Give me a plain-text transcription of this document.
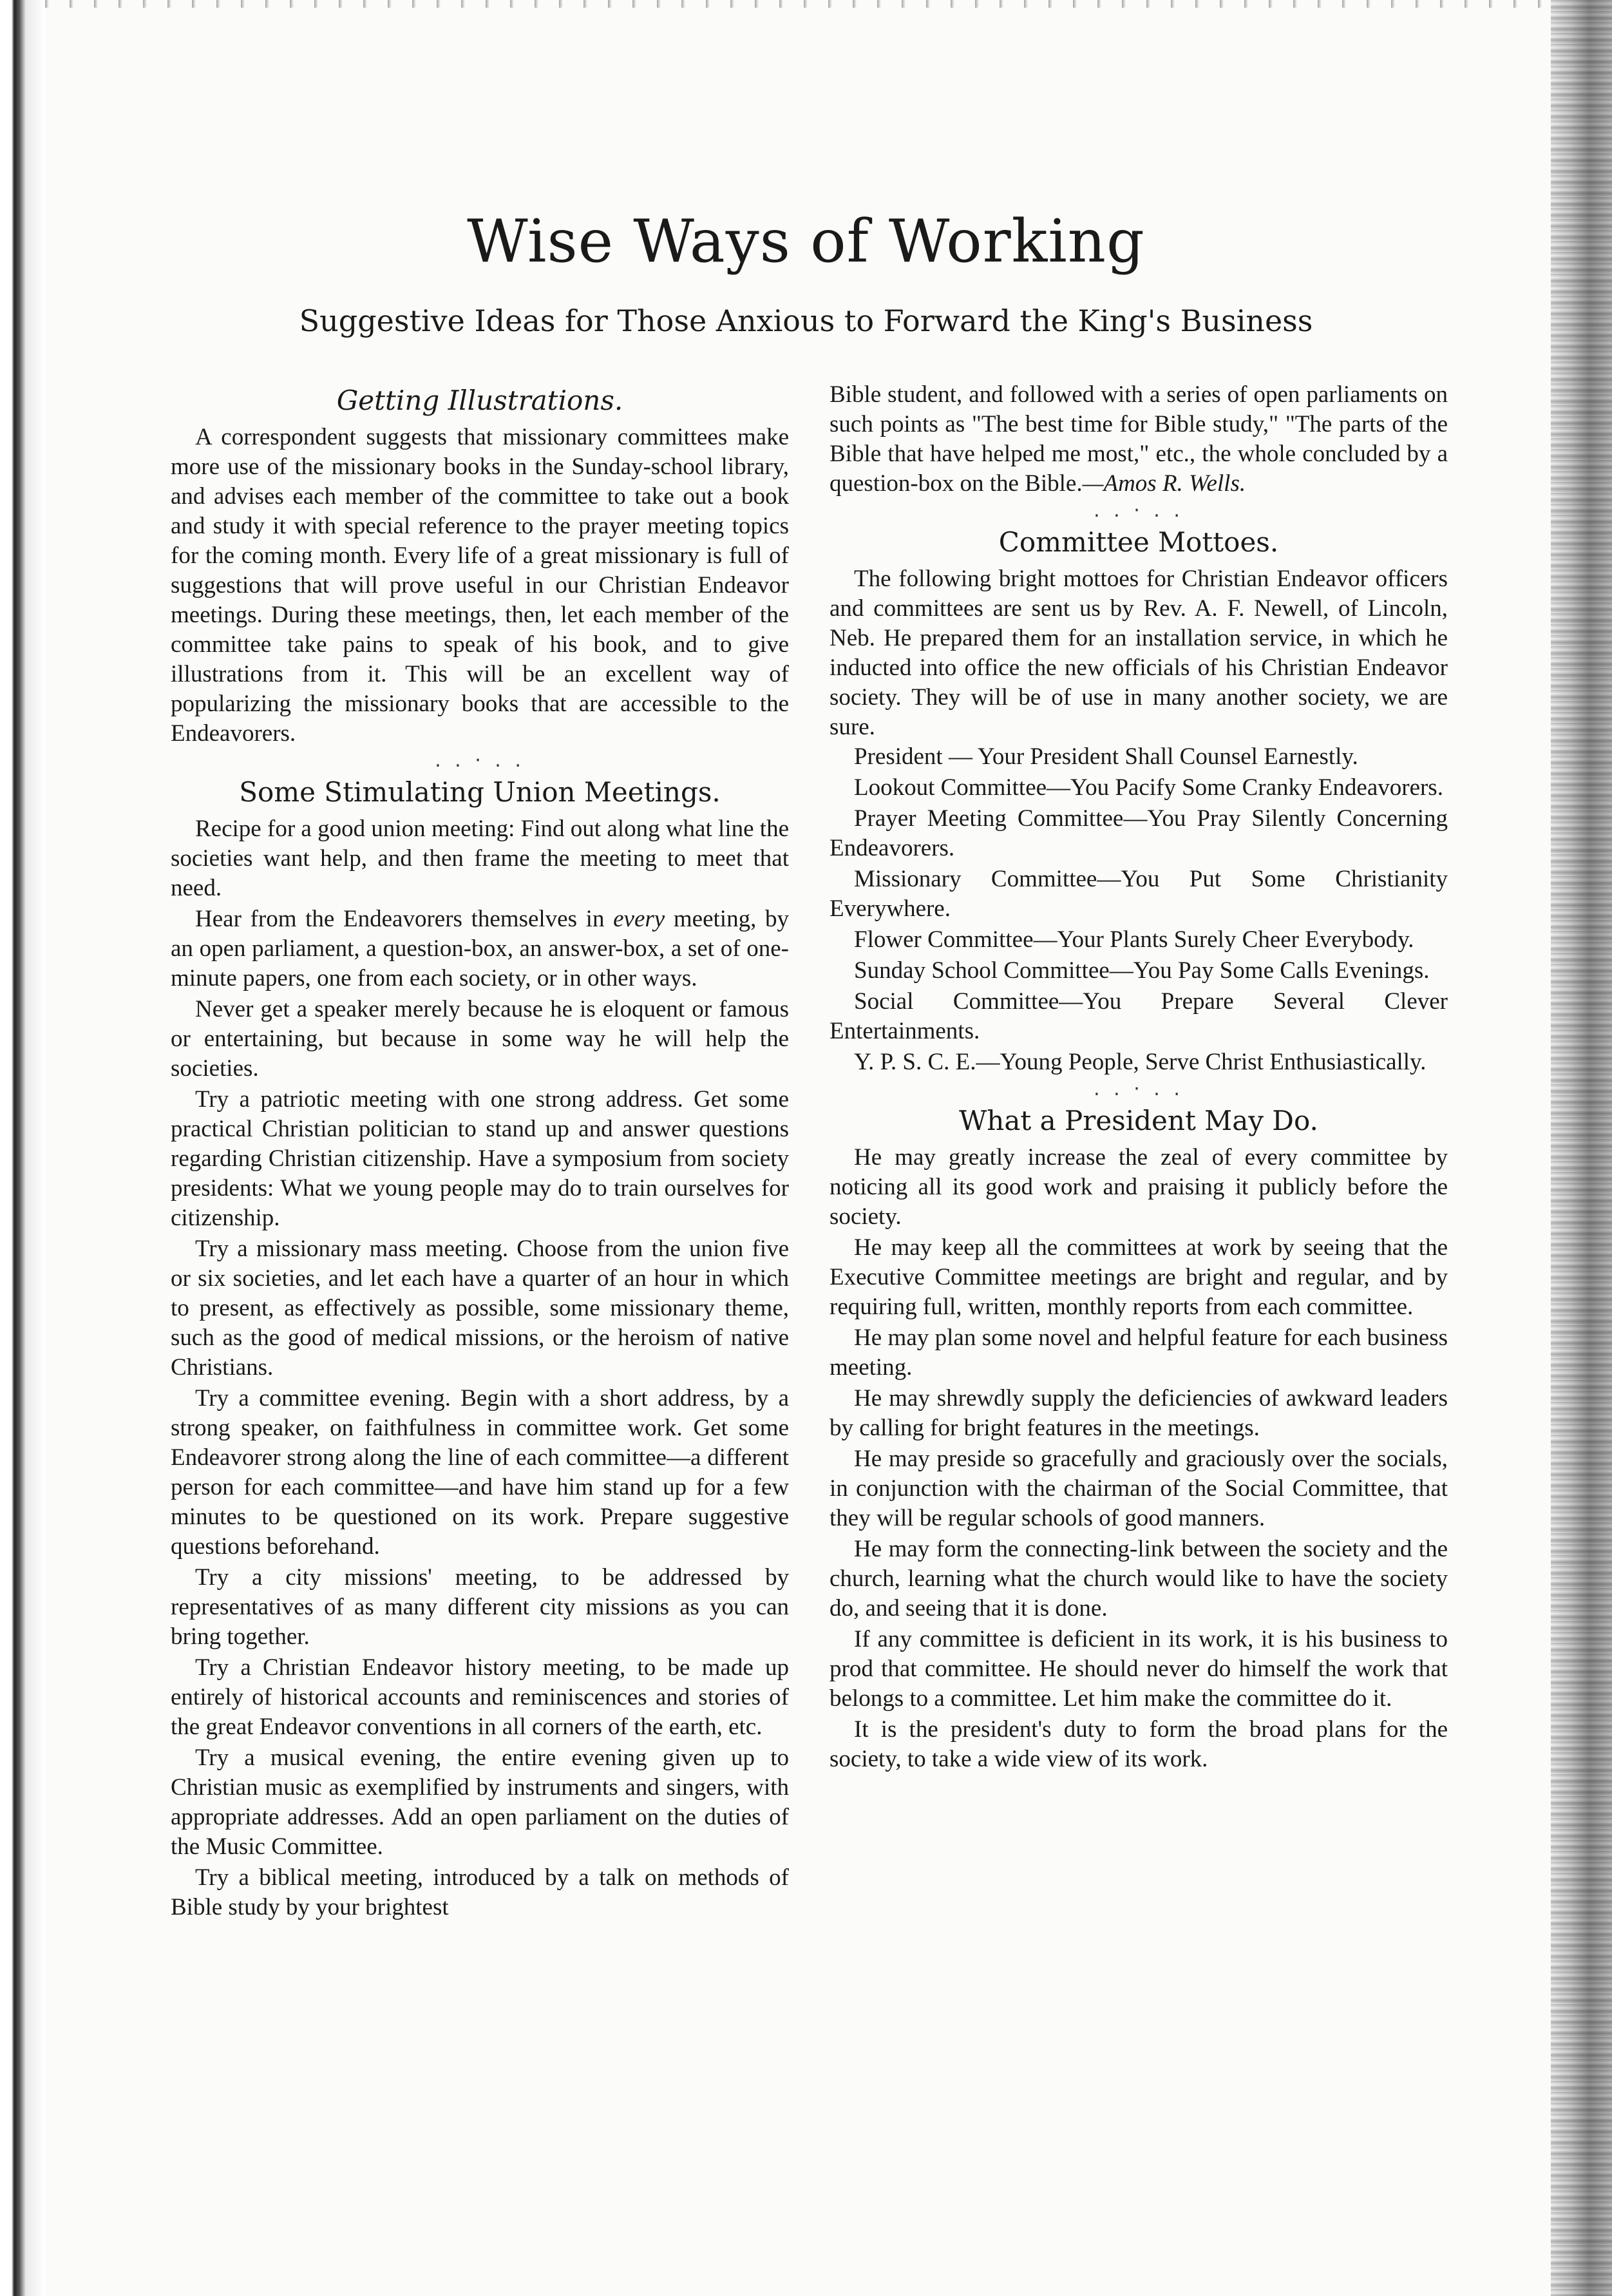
Wise Ways of Working
Suggestive Ideas for Those Anxious to Forward the King's Business
Getting Illustrations.

A correspondent suggests that missionary committees make more use of the missionary books in the Sunday-school library, and advises each member of the committee to take out a book and study it with special reference to the prayer meeting topics for the coming month. Every life of a great missionary is full of suggestions that will prove useful in our Christian Endeavor meetings. During these meetings, then, let each member of the committee take pains to speak of his book, and to give illustrations from it. This will be an excellent way of popularizing the missionary books that are accessible to the Endeavorers.

. . · . .
Some Stimulating Union Meetings.

Recipe for a good union meeting: Find out along what line the societies want help, and then frame the meeting to meet that need.

Hear from the Endeavorers themselves in every meeting, by an open parliament, a question-box, an answer-box, a set of one-minute papers, one from each society, or in other ways.

Never get a speaker merely because he is eloquent or famous or entertaining, but because in some way he will help the societies.

Try a patriotic meeting with one strong address. Get some practical Christian politician to stand up and answer questions regarding Christian citizenship. Have a symposium from society presidents: What we young people may do to train ourselves for citizenship.

Try a missionary mass meeting. Choose from the union five or six societies, and let each have a quarter of an hour in which to present, as effectively as possible, some missionary theme, such as the good of medical missions, or the heroism of native Christians.

Try a committee evening. Begin with a short address, by a strong speaker, on faithfulness in committee work. Get some Endeavorer strong along the line of each committee—a different person for each committee—and have him stand up for a few minutes to be questioned on its work. Prepare suggestive questions beforehand.

Try a city missions' meeting, to be addressed by representatives of as many different city missions as you can bring together.

Try a Christian Endeavor history meeting, to be made up entirely of historical accounts and reminiscences and stories of the great Endeavor conventions in all corners of the earth, etc.

Try a musical evening, the entire evening given up to Christian music as exemplified by instruments and singers, with appropriate addresses. Add an open parliament on the duties of the Music Committee.

Try a biblical meeting, introduced by a talk on methods of Bible study by your brightest

Bible student, and followed with a series of open parliaments on such points as "The best time for Bible study," "The parts of the Bible that have helped me most," etc., the whole concluded by a question-box on the Bible.—Amos R. Wells.

. . · . .
Committee Mottoes.

The following bright mottoes for Christian Endeavor officers and committees are sent us by Rev. A. F. Newell, of Lincoln, Neb. He prepared them for an installation service, in which he inducted into office the new officials of his Christian Endeavor society. They will be of use in many another society, we are sure.

President — Your President Shall Counsel Earnestly.

Lookout Committee—You Pacify Some Cranky Endeavorers.

Prayer Meeting Committee—You Pray Silently Concerning Endeavorers.

Missionary Committee—You Put Some Christianity Everywhere.

Flower Committee—Your Plants Surely Cheer Everybody.

Sunday School Committee—You Pay Some Calls Evenings.

Social Committee—You Prepare Several Clever Entertainments.

Y. P. S. C. E.—Young People, Serve Christ Enthusiastically.

. . · . .
What a President May Do.

He may greatly increase the zeal of every committee by noticing all its good work and praising it publicly before the society.

He may keep all the committees at work by seeing that the Executive Committee meetings are bright and regular, and by requiring full, written, monthly reports from each committee.

He may plan some novel and helpful feature for each business meeting.

He may shrewdly supply the deficiencies of awkward leaders by calling for bright features in the meetings.

He may preside so gracefully and graciously over the socials, in conjunction with the chairman of the Social Committee, that they will be regular schools of good manners.

He may form the connecting-link between the society and the church, learning what the church would like to have the society do, and seeing that it is done.

If any committee is deficient in its work, it is his business to prod that committee. He should never do himself the work that belongs to a committee. Let him make the committee do it.

It is the president's duty to form the broad plans for the society, to take a wide view of its work.
